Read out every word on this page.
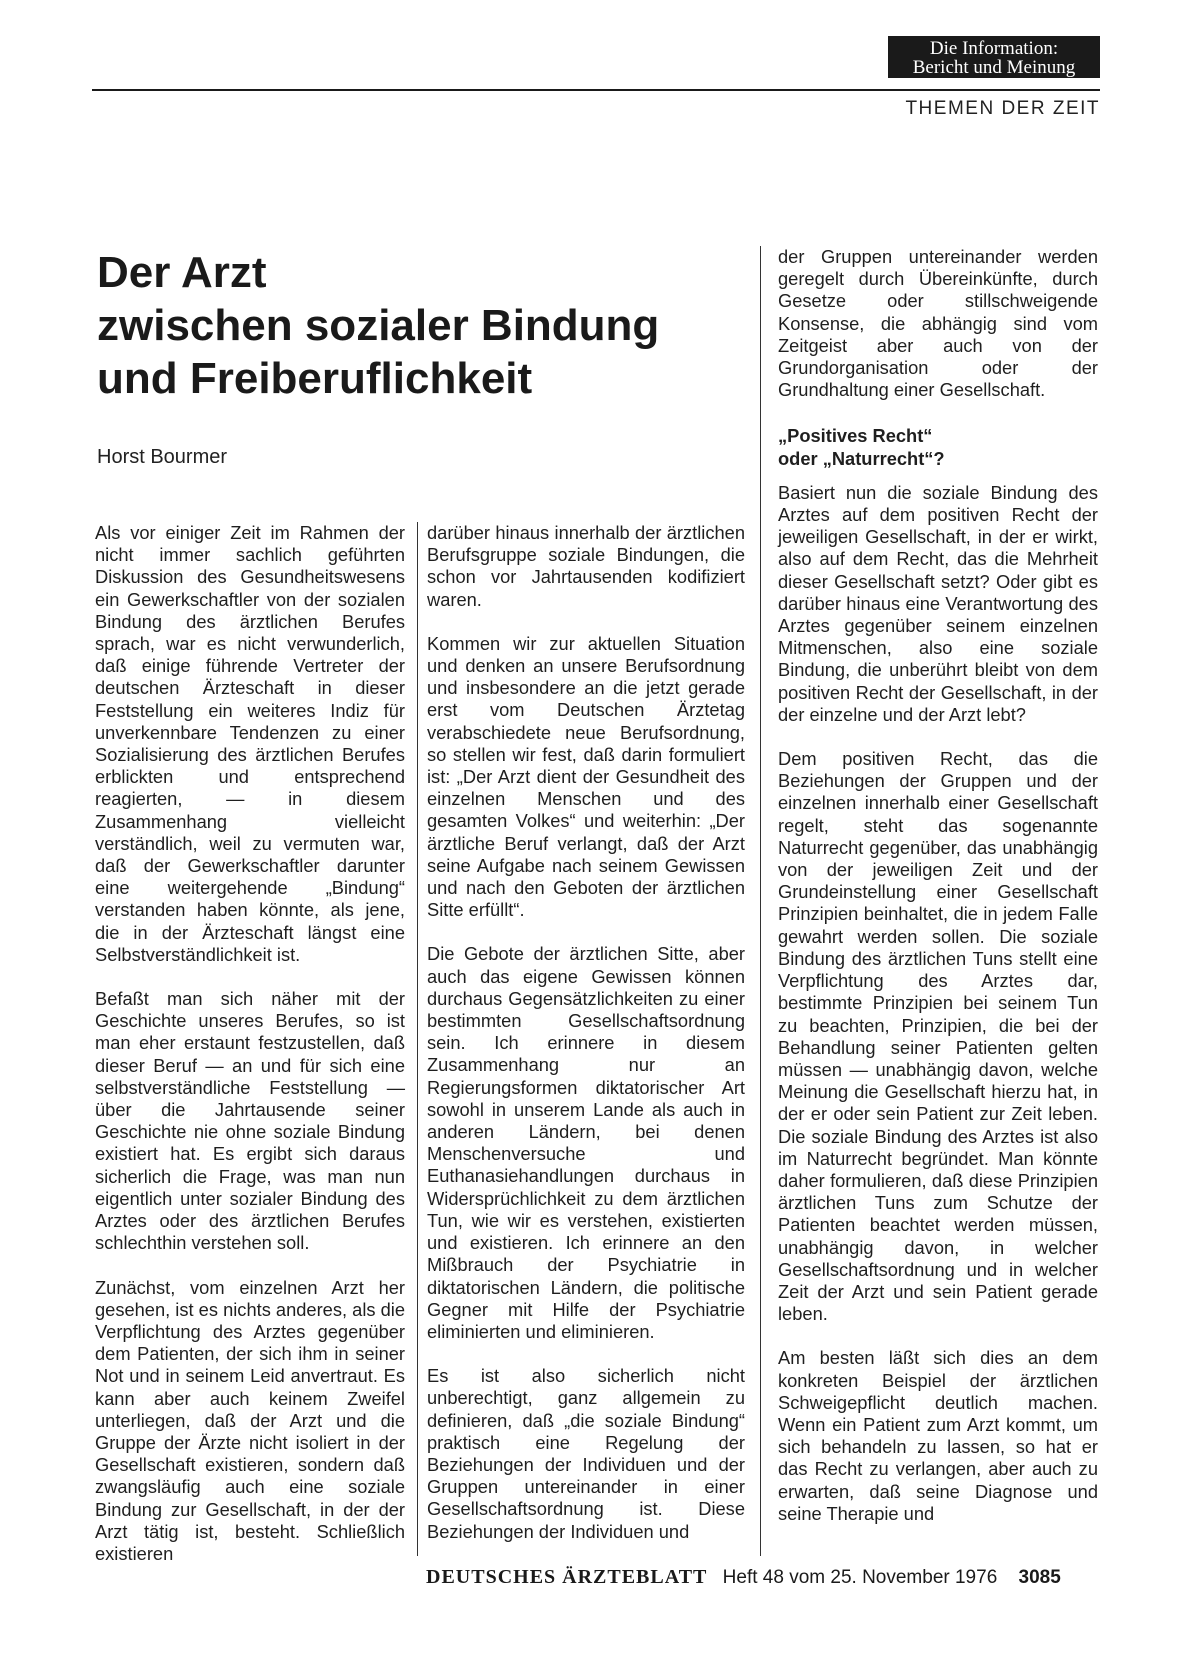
Die Information:
Bericht und Meinung
THEMEN DER ZEIT
Der Arzt
zwischen sozialer Bindung
und Freiberuflichkeit
Horst Bourmer

Als vor einiger Zeit im Rahmen der nicht immer sachlich geführten Diskussion des Gesundheitswesens ein Gewerkschaftler von der sozialen Bindung des ärztlichen Berufes sprach, war es nicht verwunderlich, daß einige führende Vertreter der deutschen Ärzteschaft in dieser Feststellung ein weiteres Indiz für unverkennbare Tendenzen zu einer Sozialisierung des ärztlichen Berufes erblickten und entsprechend reagierten, — in diesem Zusammenhang vielleicht verständlich, weil zu vermuten war, daß der Gewerkschaftler darunter eine weitergehende „Bindung“ verstanden haben könnte, als jene, die in der Ärzteschaft längst eine Selbstverständlichkeit ist.

Befaßt man sich näher mit der Geschichte unseres Berufes, so ist man eher erstaunt festzustellen, daß dieser Beruf — an und für sich eine selbstverständliche Feststellung — über die Jahrtausende seiner Geschichte nie ohne soziale Bindung existiert hat. Es ergibt sich daraus sicherlich die Frage, was man nun eigentlich unter sozialer Bindung des Arztes oder des ärztlichen Berufes schlechthin verstehen soll.

Zunächst, vom einzelnen Arzt her gesehen, ist es nichts anderes, als die Verpflichtung des Arztes gegenüber dem Patienten, der sich ihm in seiner Not und in seinem Leid anvertraut. Es kann aber auch keinem Zweifel unterliegen, daß der Arzt und die Gruppe der Ärzte nicht isoliert in der Gesellschaft existieren, sondern daß zwangsläufig auch eine soziale Bindung zur Gesellschaft, in der der Arzt tätig ist, besteht. Schließlich existieren

darüber hinaus innerhalb der ärztlichen Berufsgruppe soziale Bindungen, die schon vor Jahrtausenden kodifiziert waren.

Kommen wir zur aktuellen Situation und denken an unsere Berufsordnung und insbesondere an die jetzt gerade erst vom Deutschen Ärztetag verabschiedete neue Berufsordnung, so stellen wir fest, daß darin formuliert ist: „Der Arzt dient der Gesundheit des einzelnen Menschen und des gesamten Volkes“ und weiterhin: „Der ärztliche Beruf verlangt, daß der Arzt seine Aufgabe nach seinem Gewissen und nach den Geboten der ärztlichen Sitte erfüllt“.

Die Gebote der ärztlichen Sitte, aber auch das eigene Gewissen können durchaus Gegensätzlichkeiten zu einer bestimmten Gesellschaftsordnung sein. Ich erinnere in diesem Zusammenhang nur an Regierungsformen diktatorischer Art sowohl in unserem Lande als auch in anderen Ländern, bei denen Menschenversuche und Euthanasiehandlungen durchaus in Widersprüchlichkeit zu dem ärztlichen Tun, wie wir es verstehen, existierten und existieren. Ich erinnere an den Mißbrauch der Psychiatrie in diktatorischen Ländern, die politische Gegner mit Hilfe der Psychiatrie eliminierten und eliminieren.

Es ist also sicherlich nicht unberechtigt, ganz allgemein zu definieren, daß „die soziale Bindung“ praktisch eine Regelung der Beziehungen der Individuen und der Gruppen untereinander in einer Gesellschaftsordnung ist. Diese Beziehungen der Individuen und

der Gruppen untereinander werden geregelt durch Übereinkünfte, durch Gesetze oder stillschweigende Konsense, die abhängig sind vom Zeitgeist aber auch von der Grundorganisation oder der Grundhaltung einer Gesellschaft.

„Positives Recht“
oder „Naturrecht“?

Basiert nun die soziale Bindung des Arztes auf dem positiven Recht der jeweiligen Gesellschaft, in der er wirkt, also auf dem Recht, das die Mehrheit dieser Gesellschaft setzt? Oder gibt es darüber hinaus eine Verantwortung des Arztes gegenüber seinem einzelnen Mitmenschen, also eine soziale Bindung, die unberührt bleibt von dem positiven Recht der Gesellschaft, in der der einzelne und der Arzt lebt?

Dem positiven Recht, das die Beziehungen der Gruppen und der einzelnen innerhalb einer Gesellschaft regelt, steht das sogenannte Naturrecht gegenüber, das unabhängig von der jeweiligen Zeit und der Grundeinstellung einer Gesellschaft Prinzipien beinhaltet, die in jedem Falle gewahrt werden sollen. Die soziale Bindung des ärztlichen Tuns stellt eine Verpflichtung des Arztes dar, bestimmte Prinzipien bei seinem Tun zu beachten, Prinzipien, die bei der Behandlung seiner Patienten gelten müssen — unabhängig davon, welche Meinung die Gesellschaft hierzu hat, in der er oder sein Patient zur Zeit leben. Die soziale Bindung des Arztes ist also im Naturrecht begründet. Man könnte daher formulieren, daß diese Prinzipien ärztlichen Tuns zum Schutze der Patienten beachtet werden müssen, unabhängig davon, in welcher Gesellschaftsordnung und in welcher Zeit der Arzt und sein Patient gerade leben.

Am besten läßt sich dies an dem konkreten Beispiel der ärztlichen Schweigepflicht deutlich machen. Wenn ein Patient zum Arzt kommt, um sich behandeln zu lassen, so hat er das Recht zu verlangen, aber auch zu erwarten, daß seine Diagnose und seine Therapie und

DEUTSCHES ÄRZTEBLATT Heft 48 vom 25. November 1976 3085
